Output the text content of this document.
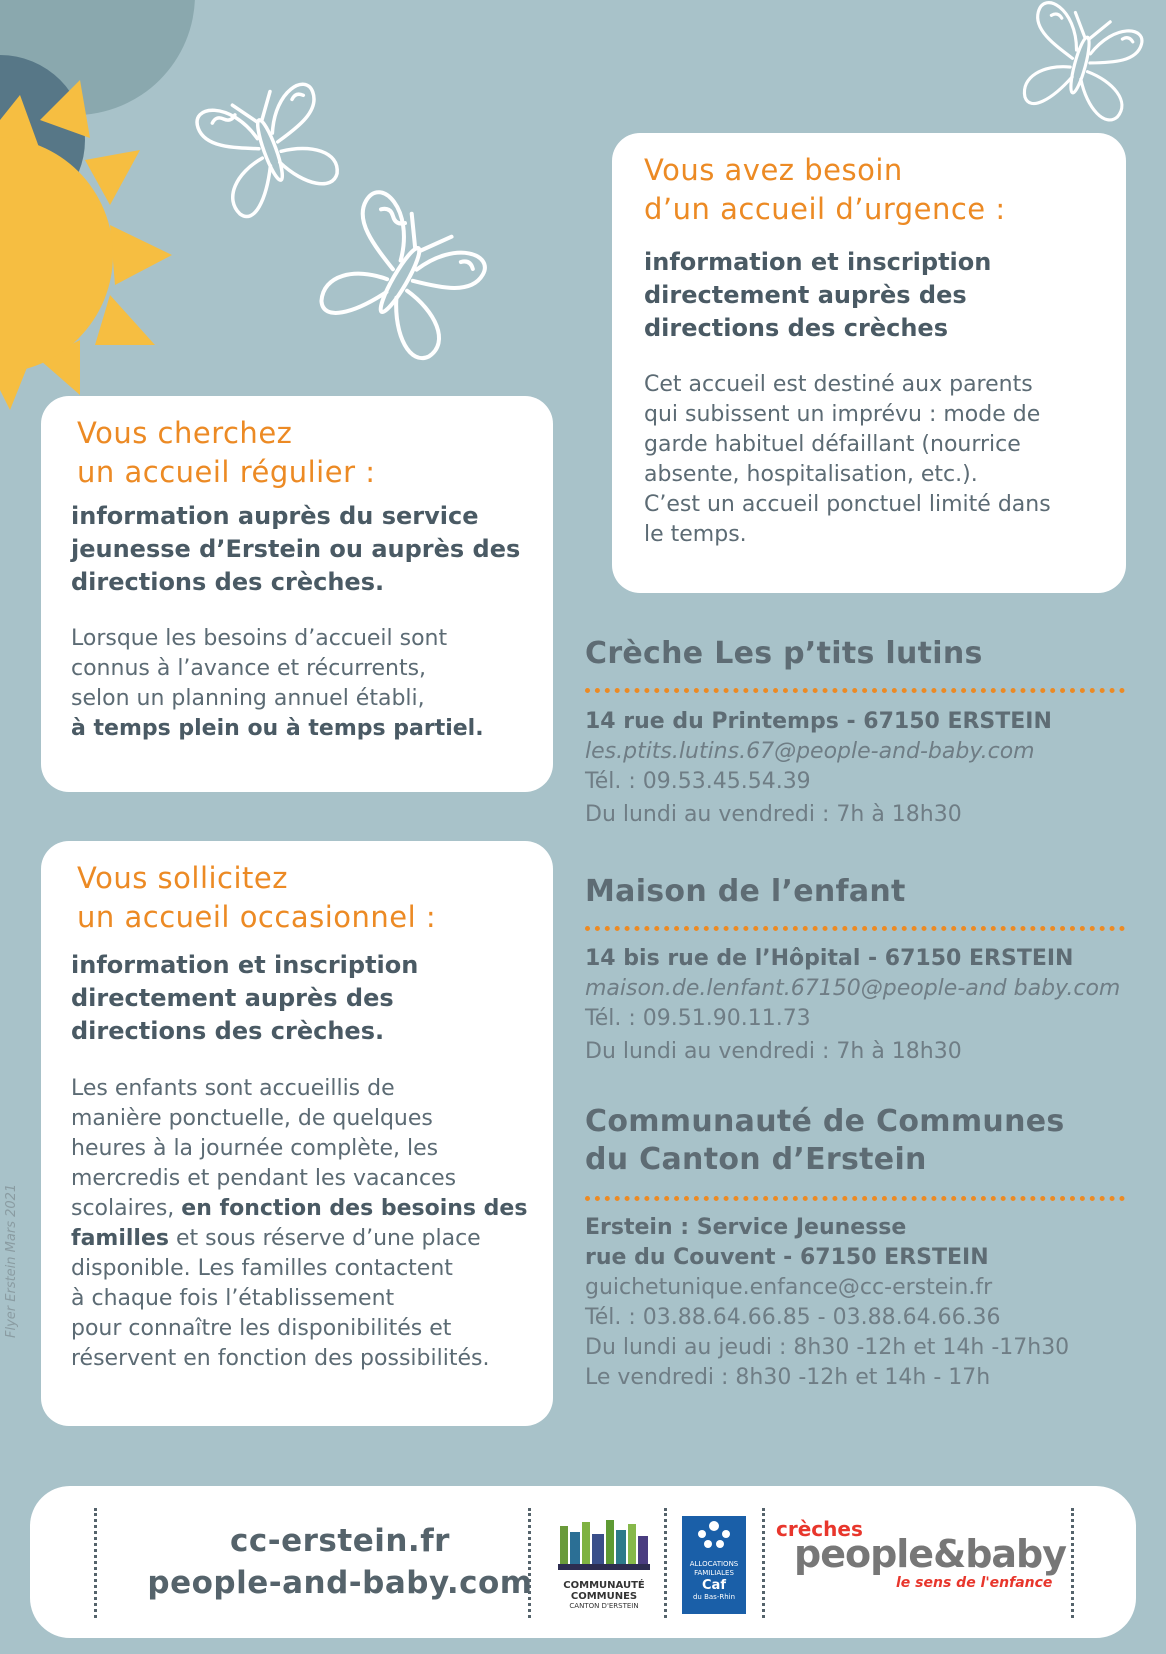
Vous avez besoin

d’un accueil d’urgence :

information et inscription

directement auprès des

directions des crèches

Cet accueil est destiné aux parents

qui subissent un imprévu : mode de

garde habituel défaillant (nourrice

absente, hospitalisation, etc.).

C’est un accueil ponctuel limité dans

le temps.

Vous cherchez

un accueil régulier :

information auprès du service

jeunesse d’Erstein ou auprès des

directions des crèches.

Lorsque les besoins d’accueil sont

connus à l’avance et récurrents,

selon un planning annuel établi,

à temps plein ou à temps partiel.

Vous sollicitez

un accueil occasionnel :

information et inscription

directement auprès des

directions des crèches.

Les enfants sont accueillis de

manière ponctuelle, de quelques

heures à la journée complète, les

mercredis et pendant les vacances

scolaires, en fonction des besoins des

familles et sous réserve d’une place

disponible. Les familles contactent

à chaque fois l’établissement

pour connaître les disponibilités et

réservent en fonction des possibilités.

Crèche Les p’tits lutins

14 rue du Printemps - 67150 ERSTEIN
les.ptits.lutins.67@people-and-baby.com
Tél. : 09.53.45.54.39
Du lundi au vendredi : 7h à 18h30

Maison de l’enfant

14 bis rue de l’Hôpital - 67150 ERSTEIN
maison.de.lenfant.67150@people-and baby.com
Tél. : 09.51.90.11.73
Du lundi au vendredi : 7h à 18h30

Communauté de Communes

du Canton d’Erstein

Erstein : Service Jeunesse
rue du Couvent - 67150 ERSTEIN
guichetunique.enfance@cc-erstein.fr
Tél. : 03.88.64.66.85 - 03.88.64.66.36
Du lundi au jeudi : 8h30 -12h et 14h -17h30
Le vendredi : 8h30 -12h et 14h - 17h
Flyer Erstein Mars 2021
cc-erstein.fr
people-and-baby.com	COMMUNAUTÉ
COMMUNES
CANTON D'ERSTEIN
ALLOCATIONS
FAMILIALES
Caf
du Bas-Rhin
crèches
people&baby
le sens de l'enfance
